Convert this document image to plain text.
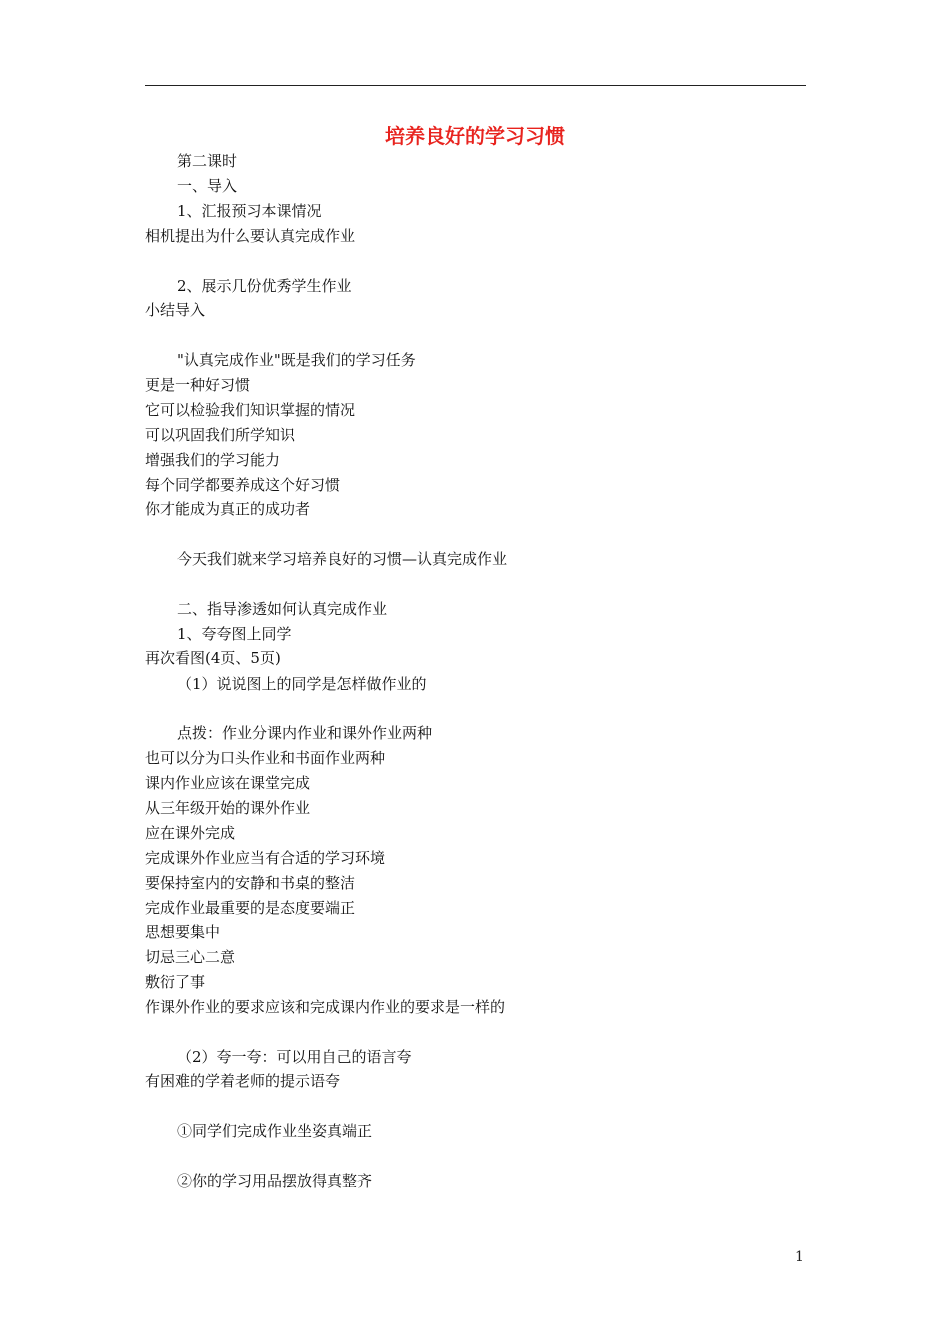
培养良好的学习习惯
第二课时
一、导入
1、汇报预习本课情况
相机提出为什么要认真完成作业
2、展示几份优秀学生作业
小结导入
"认真完成作业"既是我们的学习任务
更是一种好习惯
它可以检验我们知识掌握的情况
可以巩固我们所学知识
增强我们的学习能力
每个同学都要养成这个好习惯
你才能成为真正的成功者
今天我们就来学习培养良好的习惯—认真完成作业
二、指导渗透如何认真完成作业
1、夸夸图上同学
再次看图(4页、5页)
（1）说说图上的同学是怎样做作业的
点拨：作业分课内作业和课外作业两种
也可以分为口头作业和书面作业两种
课内作业应该在课堂完成
从三年级开始的课外作业
应在课外完成
完成课外作业应当有合适的学习环境
要保持室内的安静和书桌的整洁
完成作业最重要的是态度要端正
思想要集中
切忌三心二意
敷衍了事
作课外作业的要求应该和完成课内作业的要求是一样的
（2）夸一夸：可以用自己的语言夸
有困难的学着老师的提示语夸
①同学们完成作业坐姿真端正
②你的学习用品摆放得真整齐
1
